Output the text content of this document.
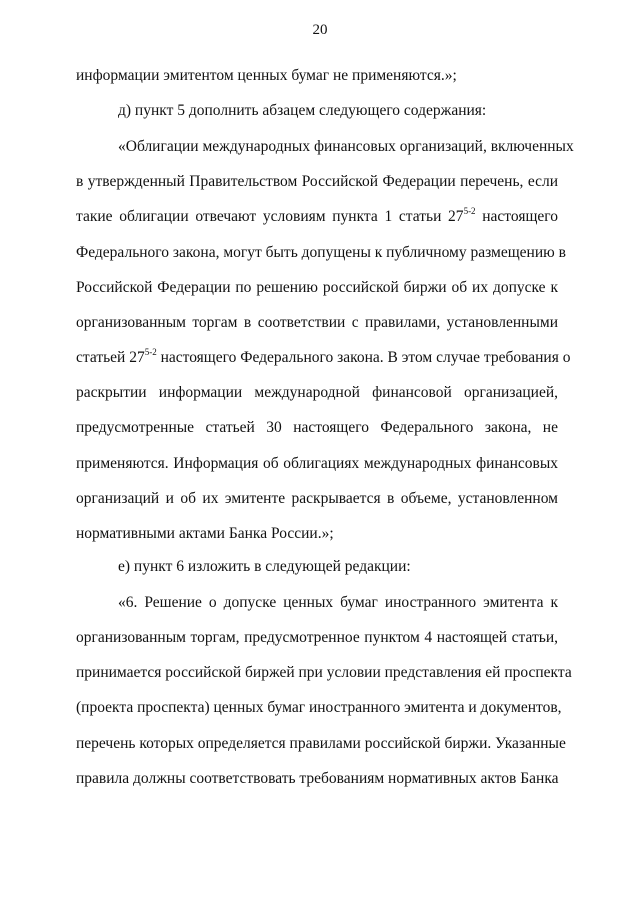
20
информации эмитентом ценных бумаг не применяются.»;
д) пункт 5 дополнить абзацем следующего содержания:
«Облигации международных финансовых организаций, включенных
в утвержденный Правительством Российской Федерации перечень, если
такие облигации отвечают условиям пункта 1 статьи 27$^{5-2}$ настоящего
Федерального закона, могут быть допущены к публичному размещению в
Российской Федерации по решению российской биржи об их допуске к
организованным торгам в соответствии с правилами, установленными
статьей 27$^{5-2}$ настоящего Федерального закона. В этом случае требования о
раскрытии информации международной финансовой организацией,
предусмотренные статьей 30 настоящего Федерального закона, не
применяются. Информация об облигациях международных финансовых
организаций и об их эмитенте раскрывается в объеме, установленном
нормативными актами Банка России.»;
е) пункт 6 изложить в следующей редакции:
«6. Решение о допуске ценных бумаг иностранного эмитента к
организованным торгам, предусмотренное пунктом 4 настоящей статьи,
принимается российской биржей при условии представления ей проспекта
(проекта проспекта) ценных бумаг иностранного эмитента и документов,
перечень которых определяется правилами российской биржи. Указанные
правила должны соответствовать требованиям нормативных актов Банка
